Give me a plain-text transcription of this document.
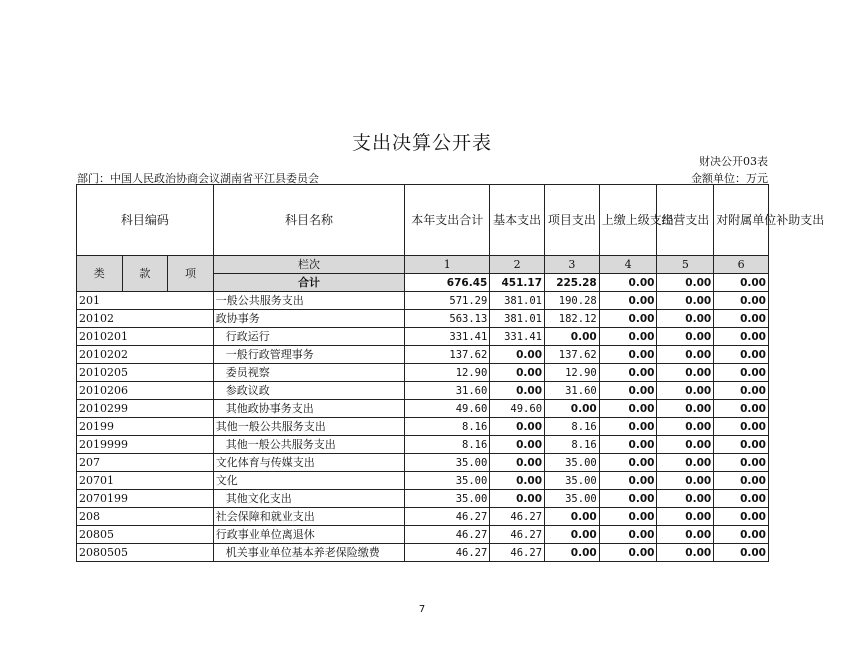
支出决算公开表
财决公开03表
部门：中国人民政治协商会议湖南省平江县委员会	金额单位：万元
科目编码			科目名称	本年支出合计	基本支出	项目支出	上缴上级支出	经营支出	对附属单位补助支出
类	款	项	栏次	1	2	3	4	5	6
			合计	676.45	451.17	225.28	0.00	0.00	0.00
201			一般公共服务支出	571.29	381.01	190.28	0.00	0.00	0.00
20102			政协事务	563.13	381.01	182.12	0.00	0.00	0.00
2010201			行政运行	331.41	331.41	0.00	0.00	0.00	0.00
2010202			一般行政管理事务	137.62	0.00	137.62	0.00	0.00	0.00
2010205			委员视察	12.90	0.00	12.90	0.00	0.00	0.00
2010206			参政议政	31.60	0.00	31.60	0.00	0.00	0.00
2010299			其他政协事务支出	49.60	49.60	0.00	0.00	0.00	0.00
20199			其他一般公共服务支出	8.16	0.00	8.16	0.00	0.00	0.00
2019999			其他一般公共服务支出	8.16	0.00	8.16	0.00	0.00	0.00
207			文化体育与传媒支出	35.00	0.00	35.00	0.00	0.00	0.00
20701			文化	35.00	0.00	35.00	0.00	0.00	0.00
2070199			其他文化支出	35.00	0.00	35.00	0.00	0.00	0.00
208			社会保障和就业支出	46.27	46.27	0.00	0.00	0.00	0.00
20805			行政事业单位离退休	46.27	46.27	0.00	0.00	0.00	0.00
2080505			机关事业单位基本养老保险缴费	46.27	46.27	0.00	0.00	0.00	0.00
7
